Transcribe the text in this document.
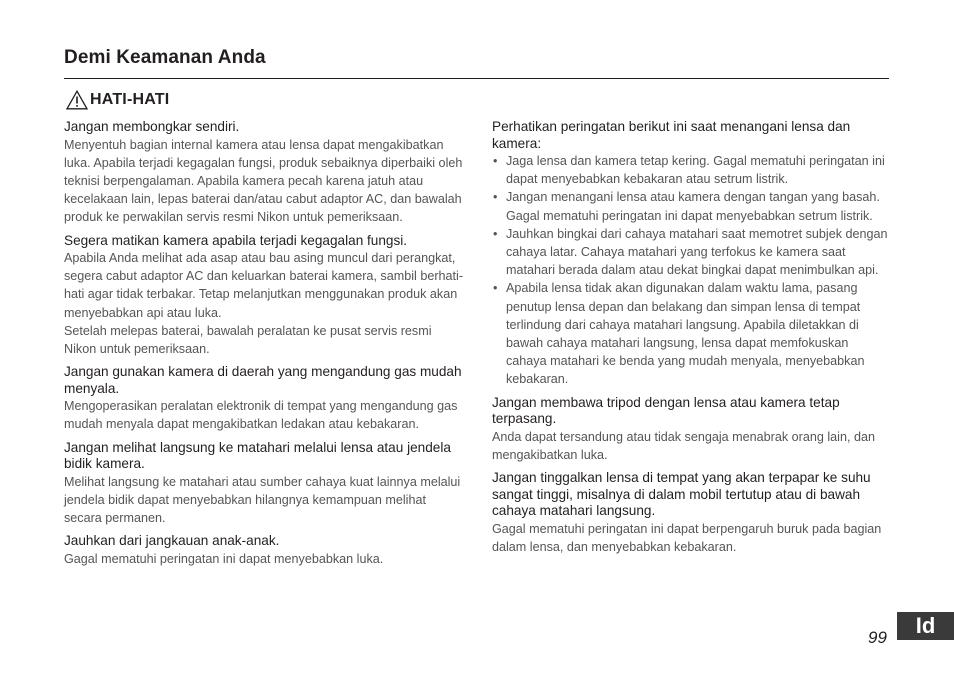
Demi Keamanan Anda
HATI-HATI

Jangan membongkar sendiri.

Menyentuh bagian internal kamera atau lensa dapat mengakibatkan luka. Apabila terjadi kegagalan fungsi, produk sebaiknya diperbaiki oleh teknisi berpengalaman. Apabila kamera pecah karena jatuh atau kecelakaan lain, lepas baterai dan/atau cabut adaptor AC, dan bawalah produk ke perwakilan servis resmi Nikon untuk pemeriksaan.

Segera matikan kamera apabila terjadi kegagalan fungsi.

Apabila Anda melihat ada asap atau bau asing muncul dari perangkat, segera cabut adaptor AC dan keluarkan baterai kamera, sambil berhati-hati agar tidak terbakar. Tetap melanjutkan menggunakan produk akan menyebabkan api atau luka.

Setelah melepas baterai, bawalah peralatan ke pusat servis resmi Nikon untuk pemeriksaan.

Jangan gunakan kamera di daerah yang mengandung gas mudah menyala.

Mengoperasikan peralatan elektronik di tempat yang mengandung gas mudah menyala dapat mengakibatkan ledakan atau kebakaran.

Jangan melihat langsung ke matahari melalui lensa atau jendela bidik kamera.

Melihat langsung ke matahari atau sumber cahaya kuat lainnya melalui jendela bidik dapat menyebabkan hilangnya kemampuan melihat secara permanen.

Jauhkan dari jangkauan anak-anak.

Gagal mematuhi peringatan ini dapat menyebabkan luka.

Perhatikan peringatan berikut ini saat menangani lensa dan kamera:

• Jaga lensa dan kamera tetap kering. Gagal mematuhi peringatan ini dapat menyebabkan kebakaran atau setrum listrik.
• Jangan menangani lensa atau kamera dengan tangan yang basah. Gagal mematuhi peringatan ini dapat menyebabkan setrum listrik.
• Jauhkan bingkai dari cahaya matahari saat memotret subjek dengan cahaya latar. Cahaya matahari yang terfokus ke kamera saat matahari berada dalam atau dekat bingkai dapat menimbulkan api.
• Apabila lensa tidak akan digunakan dalam waktu lama, pasang penutup lensa depan dan belakang dan simpan lensa di tempat terlindung dari cahaya matahari langsung. Apabila diletakkan di bawah cahaya matahari langsung, lensa dapat memfokuskan cahaya matahari ke benda yang mudah menyala, menyebabkan kebakaran.

Jangan membawa tripod dengan lensa atau kamera tetap terpasang.

Anda dapat tersandung atau tidak sengaja menabrak orang lain, dan mengakibatkan luka.

Jangan tinggalkan lensa di tempat yang akan terpapar ke suhu sangat tinggi, misalnya di dalam mobil tertutup atau di bawah cahaya matahari langsung.

Gagal mematuhi peringatan ini dapat berpengaruh buruk pada bagian dalam lensa, dan menyebabkan kebakaran.

99	Id
